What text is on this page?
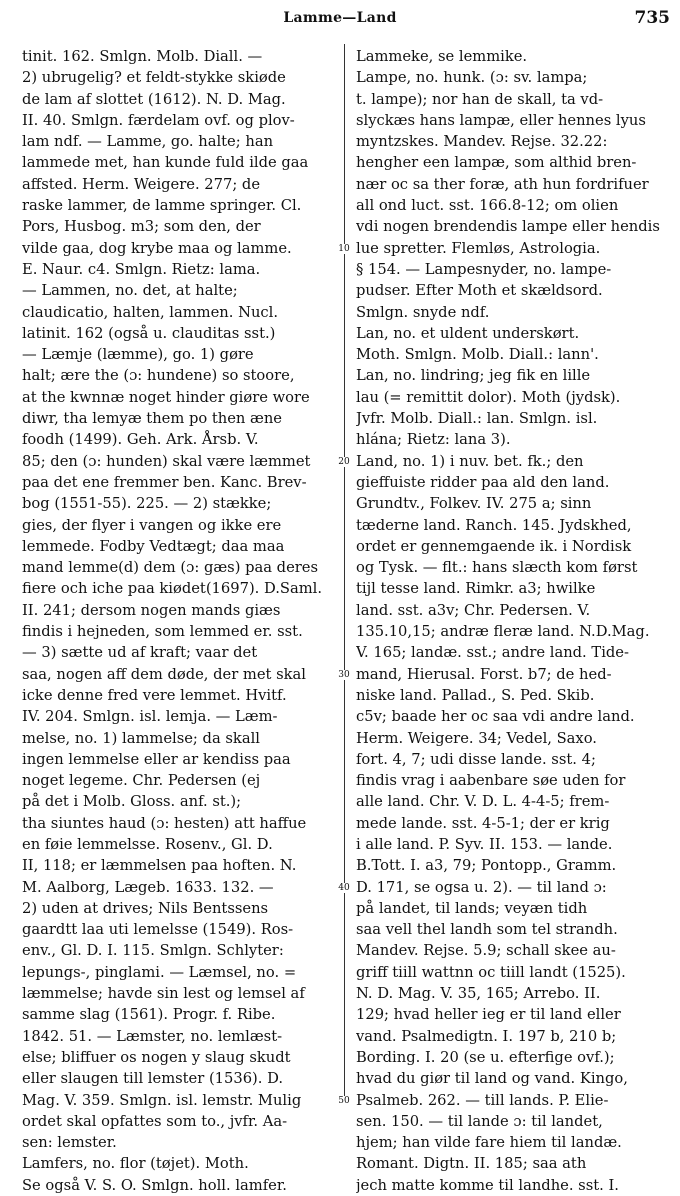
Lamme—Land	735
tinit. 162. Smlgn. Molb. Diall. —
2) ubrugelig? et feldt-stykke skiøde
de lam af slottet (1612). N. D. Mag.
II. 40. Smlgn. færdelam ovf. og plov-
lam ndf. — Lamme, go. halte; han
lammede met, han kunde fuld ilde gaa
affsted. Herm. Weigere. 277; de
raske lammer, de lamme springer. Cl.
Pors, Husbog. m3; som den, der
vilde gaa, dog krybe maa og lamme.
E. Naur. c4. Smlgn. Rietz: lama.
— Lammen, no. det, at halte;
claudicatio, halten, lammen. Nucl.
latinit. 162 (også u. clauditas sst.)
— Læmje (læmme), go. 1) gøre
halt; ære the (ɔ: hundene) so stoore,
at the kwnnæ noget hinder giøre wore
diwr, tha lemyæ them po then æne
foodh (1499). Geh. Ark. Årsb. V.
85; den (ɔ: hunden) skal være læmmet
paa det ene fremmer ben. Kanc. Brev-
bog (1551-55). 225. — 2) stække;
gies, der flyer i vangen og ikke ere
lemmede. Fodby Vedtægt; daa maa
mand lemme(d) dem (ɔ: gæs) paa deres
fiere och iche paa kiødet(1697). D.Saml.
II. 241; dersom nogen mands giæs
findis i hejneden, som lemmed er. sst.
— 3) sætte ud af kraft; vaar det
saa, nogen aff dem døde, der met skal
icke denne fred vere lemmet. Hvitf.
IV. 204. Smlgn. isl. lemja. — Læm-
melse, no. 1) lammelse; da skall
ingen lemmelse eller ar kendiss paa
noget legeme. Chr. Pedersen (ej
på det i Molb. Gloss. anf. st.);
tha siuntes haud (ɔ: hesten) att haffue
en føie lemmelsse. Rosenv., Gl. D.
II, 118; er læmmelsen paa hoften. N.
M. Aalborg, Lægeb. 1633. 132. —
2) uden at drives; Nils Bentssens
gaardtt laa uti lemelsse (1549). Ros-
env., Gl. D. I. 115. Smlgn. Schlyter:
lepungs-, pinglami. — Læmsel, no. =
læmmelse; havde sin lest og lemsel af
samme slag (1561). Progr. f. Ribe.
1842. 51. — Læmster, no. lemlæst-
else; bliffuer os nogen y slaug skudt
eller slaugen till lemster (1536). D.
Mag. V. 359. Smlgn. isl. lemstr. Mulig
ordet skal opfattes som to., jvfr. Aa-
sen: lemster.
Lamfers, no. flor (tøjet). Moth.
Se også V. S. O. Smlgn. holl. lamfer.
Lammeke, se lemmike.
Lampe, no. hunk. (ɔ: sv. lampa;
t. lampe); nor han de skall, ta vd-
slyckæs hans lampæ, eller hennes lyus
myntzskes. Mandev. Rejse. 32.22:
hengher een lampæ, som althid bren-
nær oc sa ther foræ, ath hun fordrifuer
all ond luct. sst. 166.8-12; om olien
vdi nogen brendendis lampe eller hendis
lue spretter. Flemløs, Astrologia.
§ 154. — Lampesnyder, no. lampe-
pudser. Efter Moth et skældsord.
Smlgn. snyde ndf.
Lan, no. et uldent underskørt.
Moth. Smlgn. Molb. Diall.: lann'.
Lan, no. lindring; jeg fik en lille
lau (= remittit dolor). Moth (jydsk).
Jvfr. Molb. Diall.: lan. Smlgn. isl.
hlána; Rietz: lana 3).
Land, no. 1) i nuv. bet. fk.; den
gieffuiste ridder paa ald den land.
Grundtv., Folkev. IV. 275 a; sinn
tæderne land. Ranch. 145. Jydskhed,
ordet er gennemgaende ik. i Nordisk
og Tysk. — flt.: hans slæcth kom først
tijl tesse land. Rimkr. a3; hwilke
land. sst. a3v; Chr. Pedersen. V.
135.10,15; andræ fleræ land. N.D.Mag.
V. 165; landæ. sst.; andre land. Tide-
mand, Hierusal. Forst. b7; de hed-
niske land. Pallad., S. Ped. Skib.
c5v; baade her oc saa vdi andre land.
Herm. Weigere. 34; Vedel, Saxo.
fort. 4, 7; udi disse lande. sst. 4;
findis vrag i aabenbare søe uden for
alle land. Chr. V. D. L. 4-4-5; frem-
mede lande. sst. 4-5-1; der er krig
i alle land. P. Syv. II. 153. — lande.
B.Tott. I. a3, 79; Pontopp., Gramm.
D. 171, se ogsa u. 2). — til land ɔ:
på landet, til lands; veyæn tidh
saa vell thel landh som tel strandh.
Mandev. Rejse. 5.9; schall skee au-
griff tiill wattnn oc tiill landt (1525).
N. D. Mag. V. 35, 165; Arrebo. II.
129; hvad heller ieg er til land eller
vand. Psalmedigtn. I. 197 b, 210 b;
Bording. I. 20 (se u. efterfige ovf.);
hvad du giør til land og vand. Kingo,
Psalmeb. 262. — till lands. P. Elie-
sen. 150. — til lande ɔ: til landet,
hjem; han vilde fare hiem til landæ.
Romant. Digtn. II. 185; saa ath
jech matte komme til landhe. sst. I.
10
20
30
40
50
